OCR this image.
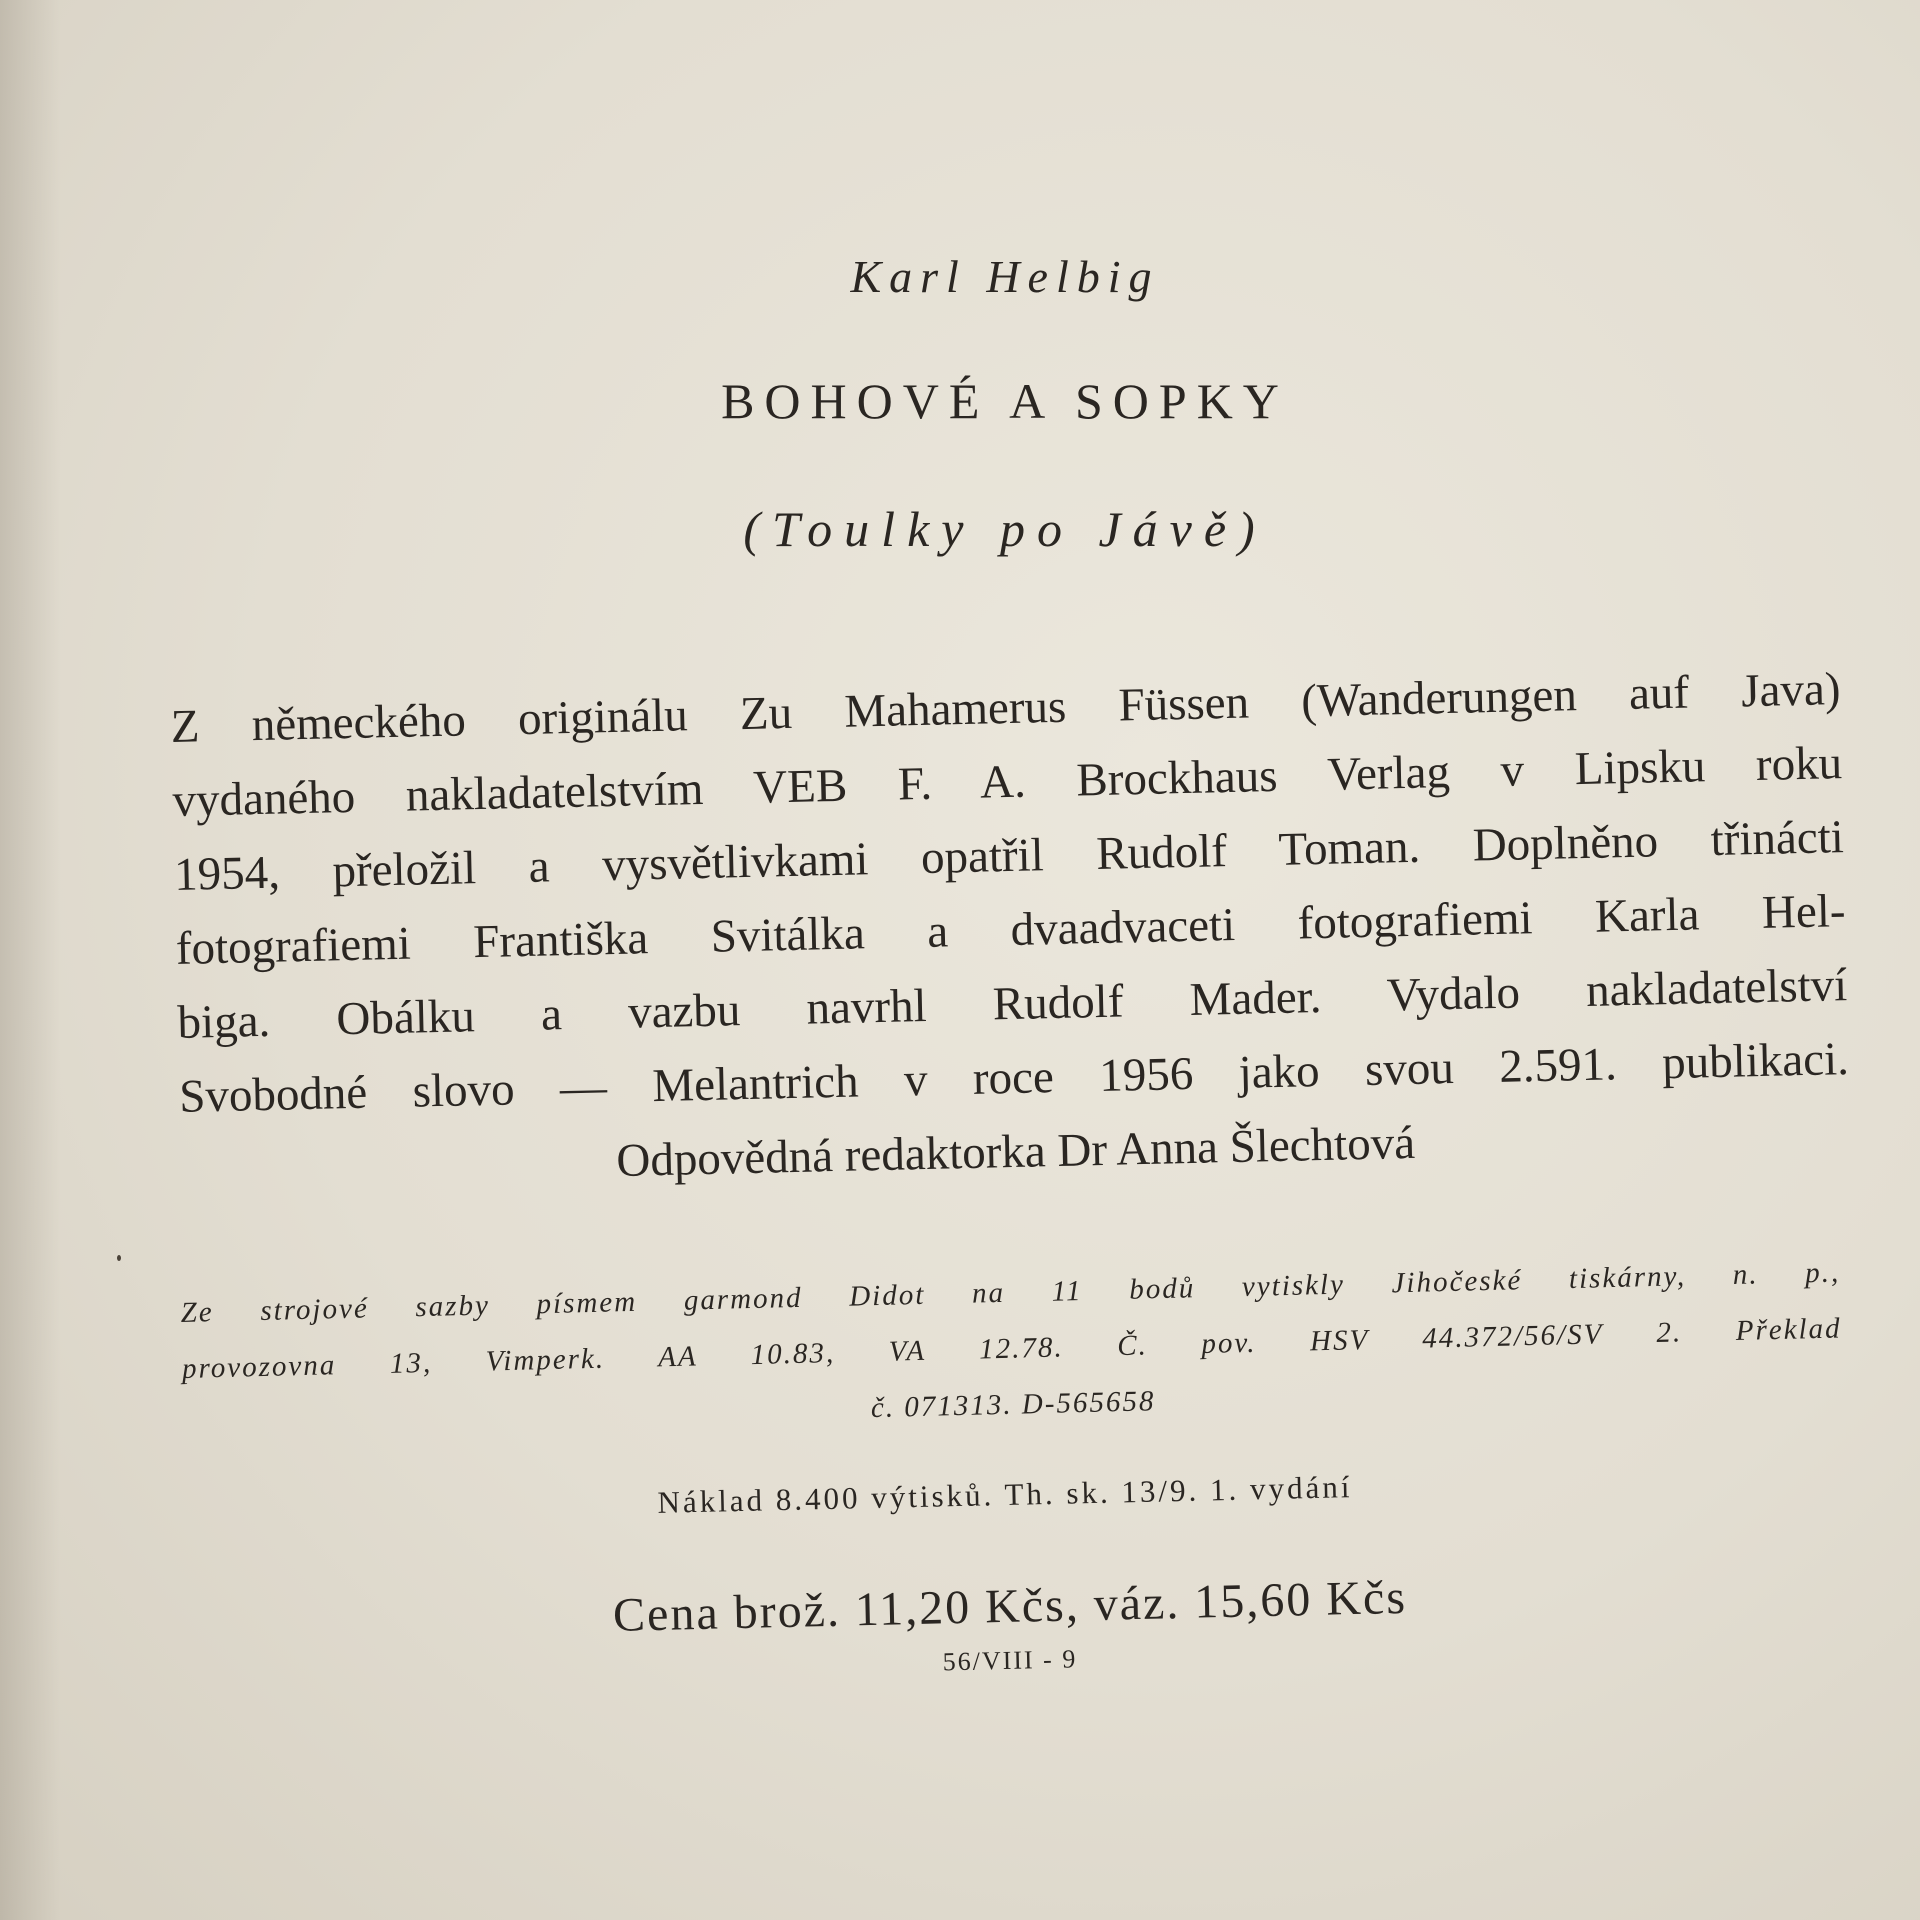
Karl Helbig
BOHOVÉ A SOPKY
(Toulky po Jávě)
Z německého originálu Zu Mahamerus Füssen (Wanderungen auf Java)
vydaného nakladatelstvím VEB F. A. Brockhaus Verlag v Lipsku roku
1954, přeložil a vysvětlivkami opatřil Rudolf Toman. Doplněno třinácti
fotografiemi Františka Svitálka a dvaadvaceti fotografiemi Karla Hel-
biga. Obálku a vazbu navrhl Rudolf Mader. Vydalo nakladatelství
Svobodné slovo — Melantrich v roce 1956 jako svou 2.591. publikaci.
Odpovědná redaktorka Dr Anna Šlechtová
Ze strojové sazby písmem garmond Didot na 11 bodů vytiskly Jihočeské tiskárny, n. p.,
provozovna 13, Vimperk. AA 10.83, VA 12.78. Č. pov. HSV 44.372/56/SV 2. Překlad
č. 071313. D-565658
Náklad 8.400 výtisků. Th. sk. 13/9. 1. vydání
Cena brož. 11,20 Kčs, váz. 15,60 Kčs
56/VIII - 9
